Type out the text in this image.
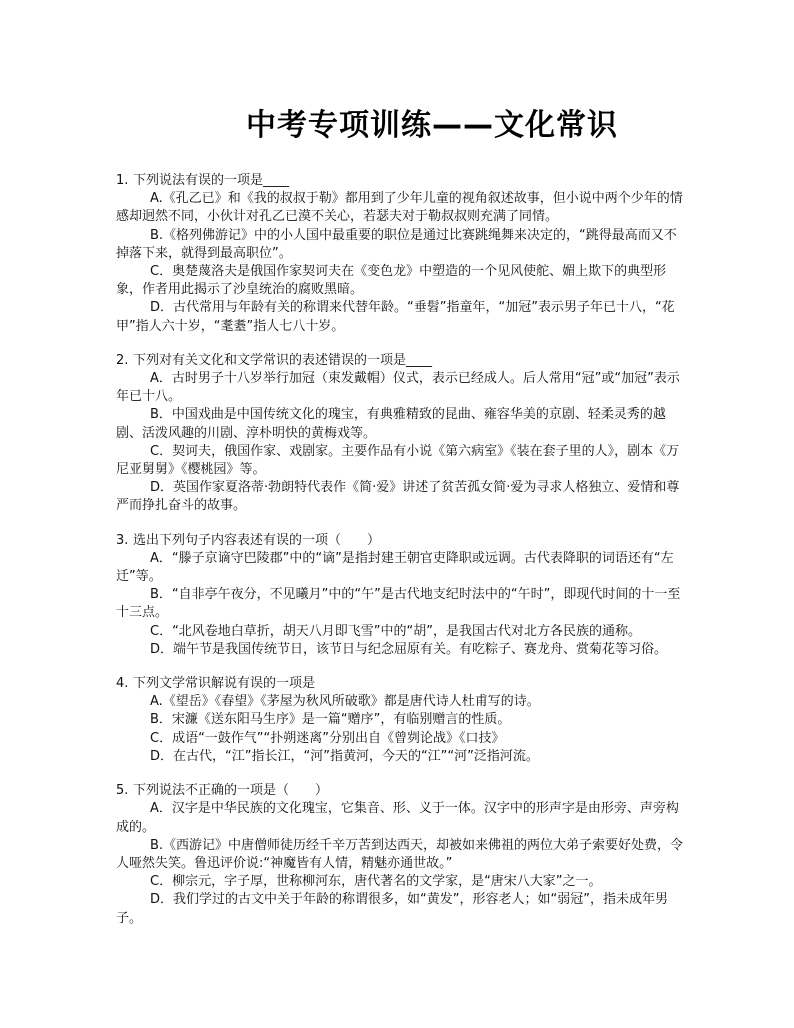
中考专项训练——文化常识

1. 下列说法有误的一项是____

A.《孔乙已》和《我的叔叔于勒》都用到了少年儿童的视角叙述故事，但小说中两个少年的情感却迥然不同，小伙计对孔乙已漠不关心，若瑟夫对于勒叔叔则充满了同情。

B.《格列佛游记》中的小人国中最重要的职位是通过比赛跳绳舞来决定的，“跳得最高而又不掉落下来，就得到最高职位”。

C．奥楚蔑洛夫是俄国作家契诃夫在《变色龙》中塑造的一个见风使舵、媚上欺下的典型形象，作者用此揭示了沙皇统治的腐败黑暗。

D．古代常用与年龄有关的称谓来代替年龄。“垂髫”指童年，“加冠”表示男子年已十八，“花甲”指人六十岁，“耄耋”指人七八十岁。

2. 下列对有关文化和文学常识的表述错误的一项是____

A．古时男子十八岁举行加冠（束发戴帽）仪式，表示已经成人。后人常用“冠”或“加冠”表示年已十八。

B．中国戏曲是中国传统文化的瑰宝，有典雅精致的昆曲、雍容华美的京剧、轻柔灵秀的越剧、活泼风趣的川剧、淳朴明快的黄梅戏等。

C．契诃夫，俄国作家、戏剧家。主要作品有小说《第六病室》《装在套子里的人》，剧本《万尼亚舅舅》《樱桃园》等。

D．英国作家夏洛蒂·勃朗特代表作《简·爱》讲述了贫苦孤女简·爱为寻求人格独立、爱情和尊严而挣扎奋斗的故事。

3. 选出下列句子内容表述有误的一项（　　）

A．“滕子京谪守巴陵郡”中的“谪”是指封建王朝官吏降职或远调。古代表降职的词语还有“左迁”等。

B．“自非亭午夜分，不见曦月”中的“午”是古代地支纪时法中的“午时”，即现代时间的十一至十三点。

C．“北风卷地白草折，胡天八月即飞雪”中的“胡”，是我国古代对北方各民族的通称。

D．端午节是我国传统节日，该节日与纪念屈原有关。有吃粽子、赛龙舟、赏菊花等习俗。

4. 下列文学常识解说有误的一项是

A.《望岳》《春望》《茅屋为秋风所破歌》都是唐代诗人杜甫写的诗。

B．宋濂《送东阳马生序》是一篇“赠序”，有临别赠言的性质。

C．成语“一鼓作气”“扑朔迷离”分别出自《曾刿论战》《口技》

D．在古代，“江”指长江，“河”指黄河，今天的“江”“河”泛指河流。

5. 下列说法不正确的一项是（　　）

A．汉字是中华民族的文化瑰宝，它集音、形、义于一体。汉字中的形声字是由形旁、声旁构成的。

B.《西游记》中唐僧师徒历经千辛万苦到达西天，却被如来佛祖的两位大弟子索要好处费，令人哑然失笑。鲁迅评价说:“神魔皆有人情，精魅亦通世故。”

C．柳宗元，字子厚，世称柳河东，唐代著名的文学家，是“唐宋八大家”之一。

D．我们学过的古文中关于年龄的称谓很多，如“黄发”，形容老人；如“弱冠”，指未成年男子。
